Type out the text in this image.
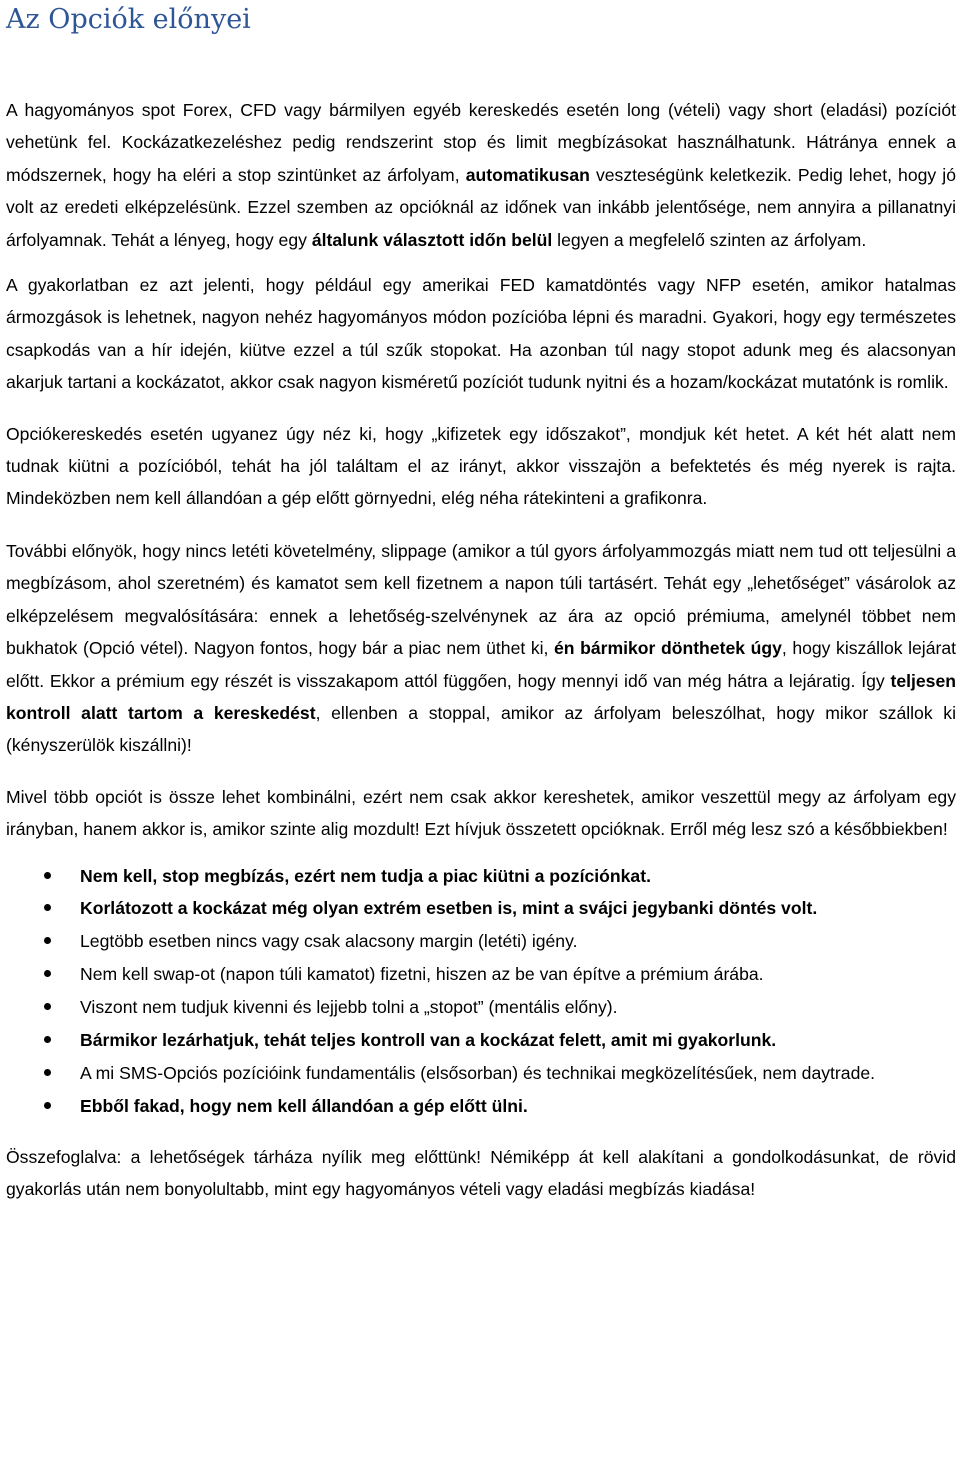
Az Opciók előnyei

A hagyományos spot Forex, CFD vagy bármilyen egyéb kereskedés esetén long (vételi) vagy short (eladási) pozíciót vehetünk fel. Kockázatkezeléshez pedig rendszerint stop és limit megbízásokat használhatunk. Hátránya ennek a módszernek, hogy ha eléri a stop szintünket az árfolyam, automatikusan veszteségünk keletkezik. Pedig lehet, hogy jó volt az eredeti elképzelésünk. Ezzel szemben az opcióknál az időnek van inkább jelentősége, nem annyira a pillanatnyi árfolyamnak. Tehát a lényeg, hogy egy általunk választott időn belül legyen a megfelelő szinten az árfolyam.

A gyakorlatban ez azt jelenti, hogy például egy amerikai FED kamatdöntés vagy NFP esetén, amikor hatalmas ármozgások is lehetnek, nagyon nehéz hagyományos módon pozícióba lépni és maradni. Gyakori, hogy egy természetes csapkodás van a hír idején, kiütve ezzel a túl szűk stopokat. Ha azonban túl nagy stopot adunk meg és alacsonyan akarjuk tartani a kockázatot, akkor csak nagyon kisméretű pozíciót tudunk nyitni és a hozam/kockázat mutatónk is romlik.

Opciókereskedés esetén ugyanez úgy néz ki, hogy „kifizetek egy időszakot”, mondjuk két hetet. A két hét alatt nem tudnak kiütni a pozícióból, tehát ha jól találtam el az irányt, akkor visszajön a befektetés és még nyerek is rajta. Mindeközben nem kell állandóan a gép előtt görnyedni, elég néha rátekinteni a grafikonra.

További előnyök, hogy nincs letéti követelmény, slippage (amikor a túl gyors árfolyammozgás miatt nem tud ott teljesülni a megbízásom, ahol szeretném) és kamatot sem kell fizetnem a napon túli tartásért. Tehát egy „lehetőséget” vásárolok az elképzelésem megvalósítására: ennek a lehetőség-szelvénynek az ára az opció prémiuma, amelynél többet nem bukhatok (Opció vétel). Nagyon fontos, hogy bár a piac nem üthet ki, én bármikor dönthetek úgy, hogy kiszállok lejárat előtt. Ekkor a prémium egy részét is visszakapom attól függően, hogy mennyi idő van még hátra a lejáratig. Így teljesen kontroll alatt tartom a kereskedést, ellenben a stoppal, amikor az árfolyam beleszólhat, hogy mikor szállok ki (kényszerülök kiszállni)!

Mivel több opciót is össze lehet kombinálni, ezért nem csak akkor kereshetek, amikor veszettül megy az árfolyam egy irányban, hanem akkor is, amikor szinte alig mozdult! Ezt hívjuk összetett opcióknak. Erről még lesz szó a későbbiekben!

Nem kell, stop megbízás, ezért nem tudja a piac kiütni a pozíciónkat.
Korlátozott a kockázat még olyan extrém esetben is, mint a svájci jegybanki döntés volt.
Legtöbb esetben nincs vagy csak alacsony margin (letéti) igény.
Nem kell swap-ot (napon túli kamatot) fizetni, hiszen az be van építve a prémium árába.
Viszont nem tudjuk kivenni és lejjebb tolni a „stopot” (mentális előny).
Bármikor lezárhatjuk, tehát teljes kontroll van a kockázat felett, amit mi gyakorlunk.
A mi SMS-Opciós pozícióink fundamentális (elsősorban) és technikai megközelítésűek, nem daytrade.
Ebből fakad, hogy nem kell állandóan a gép előtt ülni.

Összefoglalva: a lehetőségek tárháza nyílik meg előttünk! Némiképp át kell alakítani a gondolkodásunkat, de rövid gyakorlás után nem bonyolultabb, mint egy hagyományos vételi vagy eladási megbízás kiadása!
